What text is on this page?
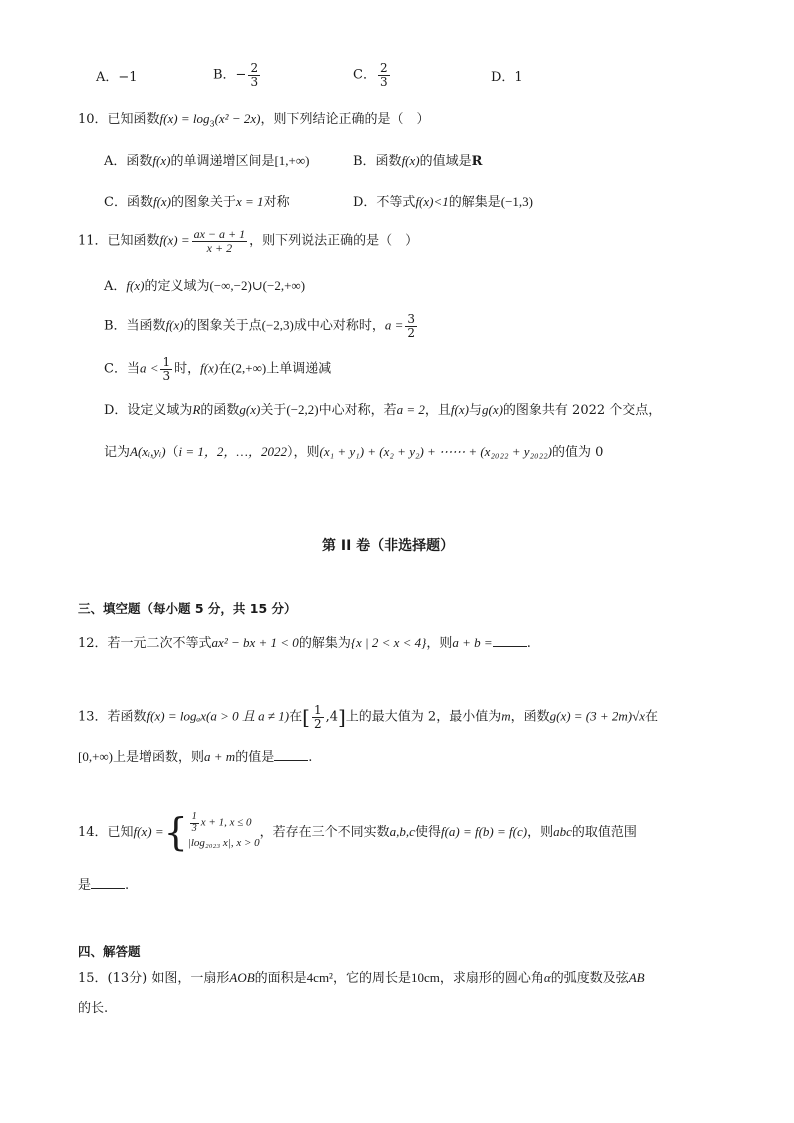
A．−1	B．− $\frac{2}{3}$	C． $\frac{2}{3}$	D．1
10．已知函数$f(x) = \log_3(x^2 - 2x)$，则下列结论正确的是（　）
A．函数f(x)的单调递增区间是[1,+∞)	B．函数f(x)的值域是R
C．函数f(x)的图象关于x = 1对称	D．不等式f(x)<1的解集是(−1,3)
11．已知函数$f(x) = \frac{ax - a + 1}{x + 2}$ ，则下列说法正确的是（　）
A．f(x)的定义域为(−∞,−2)∪(−2,+∞)
B．当函数f(x)的图象关于点(−2,3)成中心对称时，$a = \frac{3}{2}$
C．当$a < \frac{1}{3}$ 时，f(x)在(2,+∞)上单调递减
D．设定义域为R的函数g(x)关于(−2,2)中心对称，若a = 2，且f(x)与g(x)的图象共有 2022 个交点，
记为A(xᵢ,yᵢ)（i = 1，2，…，2022），则(x₁ + y₁) + (x₂ + y₂) + ⋯⋯ + (x₂₀₂₂ + y₂₀₂₂)的值为 0
第 II 卷（非选择题）
三、填空题（每小题 5 分，共 15 分）
12．若一元二次不等式ax² − bx + 1 < 0的解集为{x | 2 < x < 4}，则a + b =	.
13．若函数f(x) = logₐx(a > 0 且 a ≠ 1)在[ $\frac{1}{2} ,4$]上的最大值为 2，最小值为m，函数g(x) = (3 + 2m)√x在
[0,+∞)上是增函数，则a + m的值是	.
14．已知f(x) ={ $\frac{1}{3}$ x + 1, x ≤ 0
|log₂₀₂₃ x|, x > 0
，若存在三个不同实数a,b,c使得f(a) = f(b) = f(c)，则abc的取值范围
是	.
四、解答题
15．(13分) 如图，一扇形AOB的面积是4cm²，它的周长是10cm，求扇形的圆心角α的弧度数及弦AB
的长.
